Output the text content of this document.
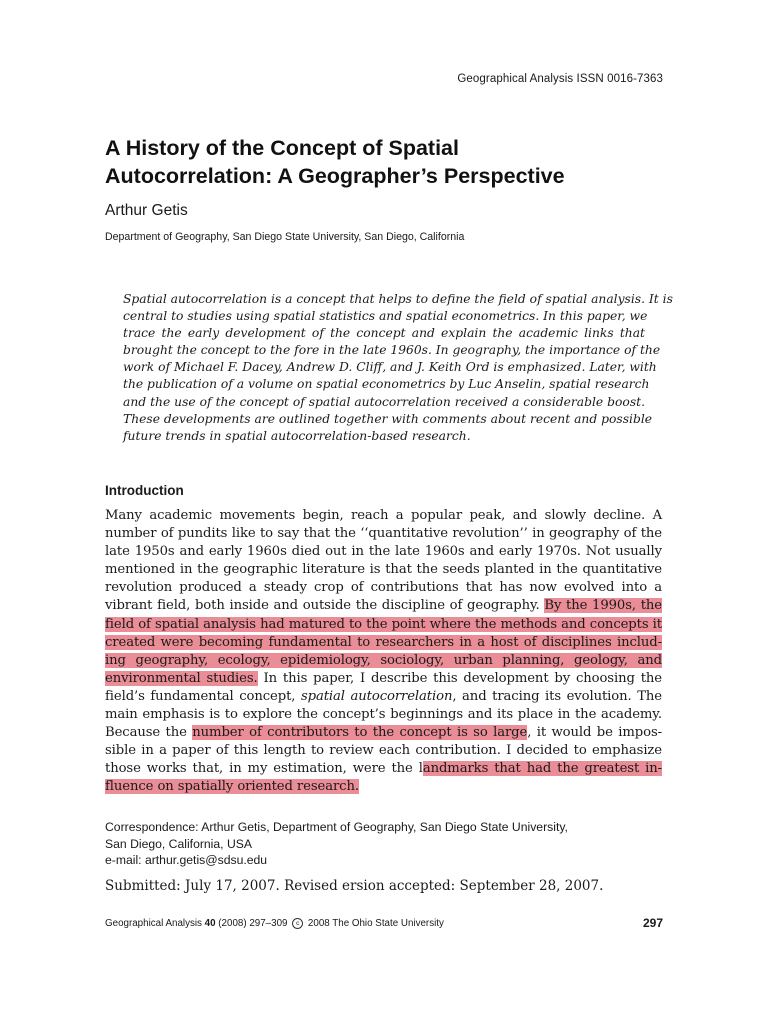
Geographical Analysis ISSN 0016-7363
A History of the Concept of Spatial
Autocorrelation: A Geographer’s Perspective
Arthur Getis
Department of Geography, San Diego State University, San Diego, California
Spatial autocorrelation is a concept that helps to define the field of spatial analysis. It is
central to studies using spatial statistics and spatial econometrics. In this paper, we
trace the early development of the concept and explain the academic links that
brought the concept to the fore in the late 1960s. In geography, the importance of the
work of Michael F. Dacey, Andrew D. Cliff, and J. Keith Ord is emphasized. Later, with
the publication of a volume on spatial econometrics by Luc Anselin, spatial research
and the use of the concept of spatial autocorrelation received a considerable boost.
These developments are outlined together with comments about recent and possible
future trends in spatial autocorrelation-based research.
Introduction
Many academic movements begin, reach a popular peak, and slowly decline. A
number of pundits like to say that the ‘‘quantitative revolution’’ in geography of the
late 1950s and early 1960s died out in the late 1960s and early 1970s. Not usually
mentioned in the geographic literature is that the seeds planted in the quantitative
revolution produced a steady crop of contributions that has now evolved into a
vibrant field, both inside and outside the discipline of geography. By the 1990s, the
field of spatial analysis had matured to the point where the methods and concepts it
created were becoming fundamental to researchers in a host of disciplines includ-
ing geography, ecology, epidemiology, sociology, urban planning, geology, and
environmental studies. In this paper, I describe this development by choosing the
field’s fundamental concept, spatial autocorrelation, and tracing its evolution. The
main emphasis is to explore the concept’s beginnings and its place in the academy.
Because the number of contributors to the concept is so large, it would be impos-
sible in a paper of this length to review each contribution. I decided to emphasize
those works that, in my estimation, were the landmarks that had the greatest in-
fluence on spatially oriented research.
Correspondence: Arthur Getis, Department of Geography, San Diego State University,
San Diego, California, USA
e-mail: arthur.getis@sdsu.edu
Submitted: July 17, 2007. Revised ersion accepted: September 28, 2007.
Geographical Analysis 40 (2008) 297–309 c 2008 The Ohio State University	297
